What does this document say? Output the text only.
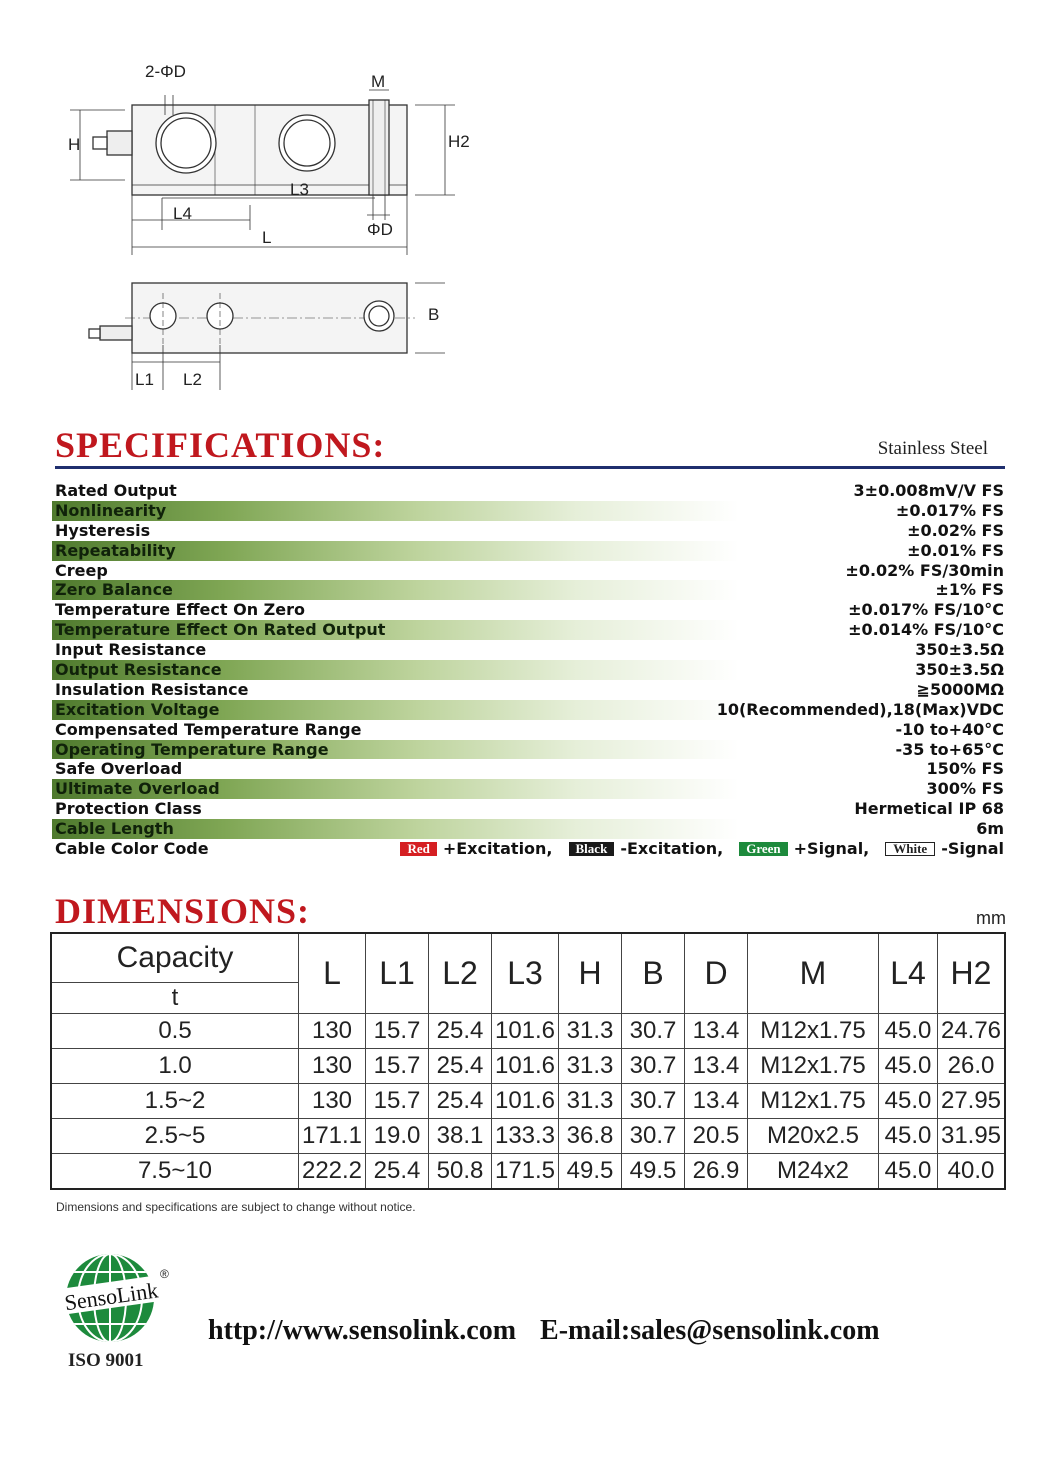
2-ΦD
M
H	H2
L3
L4
ΦD
L
B
L1 L2
SPECIFICATIONS:	Stainless Steel
Rated Output	3±0.008mV/V FS
Nonlinearity	±0.017% FS
Hysteresis	±0.02% FS
Repeatability	±0.01% FS
Creep	±0.02% FS/30min
Zero Balance	±1% FS
Temperature Effect On Zero	±0.017% FS/10°C
Temperature Effect On Rated Output	±0.014% FS/10°C
Input Resistance	350±3.5Ω
Output Resistance	350±3.5Ω
Insulation Resistance	≧5000MΩ
Excitation Voltage	10(Recommended),18(Max)VDC
Compensated Temperature Range	-10 to+40°C
Operating Temperature Range	-35 to+65°C
Safe Overload	150% FS
Ultimate Overload	300% FS
Protection Class	Hermetical IP 68
Cable Length	6m
Cable Color Code	Red +Excitation,	Black -Excitation,	Green +Signal,	White -Signal
DIMENSIONS:	mm
Capacity	L	L1	L2	L3	H	B	D	M	L4	H2
t										
0.5	130	15.7	25.4	101.6	31.3	30.7	13.4	M12x1.75	45.0	24.76
1.0	130	15.7	25.4	101.6	31.3	30.7	13.4	M12x1.75	45.0	26.0
1.5~2	130	15.7	25.4	101.6	31.3	30.7	13.4	M12x1.75	45.0	27.95
2.5~5	171.1	19.0	38.1	133.3	36.8	30.7	20.5	M20x2.5	45.0	31.95
7.5~10	222.2	25.4	50.8	171.5	49.5	49.5	26.9	M24x2	45.0	40.0
Dimensions and specifications are subject to change without notice.
SensoLink
®
ISO 9001
http://www.sensolink.com E-mail:sales@sensolink.com
